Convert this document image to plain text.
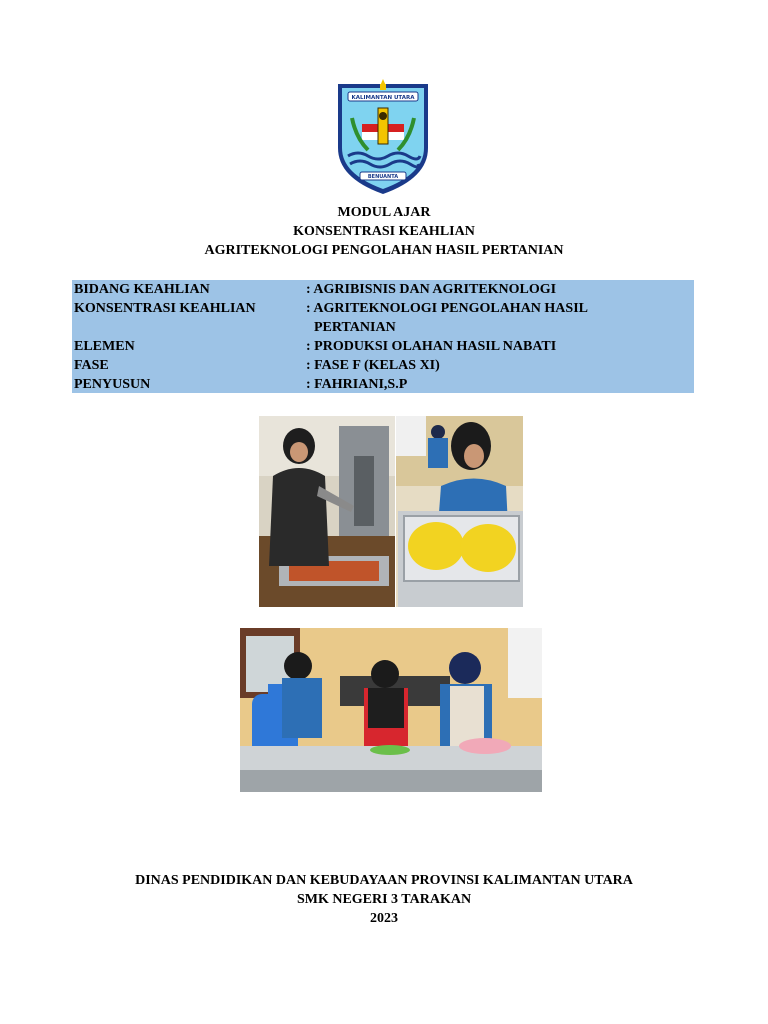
KALIMANTAN UTARA
BENUANTA
MODUL AJAR
KONSENTRASI KEAHLIAN
AGRITEKNOLOGI PENGOLAHAN HASIL PERTANIAN
BIDANG KEAHLIAN	: AGRIBISNIS DAN AGRITEKNOLOGI
KONSENTRASI KEAHLIAN	: AGRITEKNOLOGI PENGOLAHAN HASIL
PERTANIAN
ELEMEN	: PRODUKSI OLAHAN HASIL NABATI
FASE	: FASE F (KELAS XI)
PENYUSUN	: FAHRIANI,S.P
DINAS PENDIDIKAN DAN KEBUDAYAAN PROVINSI KALIMANTAN UTARA
SMK NEGERI 3 TARAKAN
2023
